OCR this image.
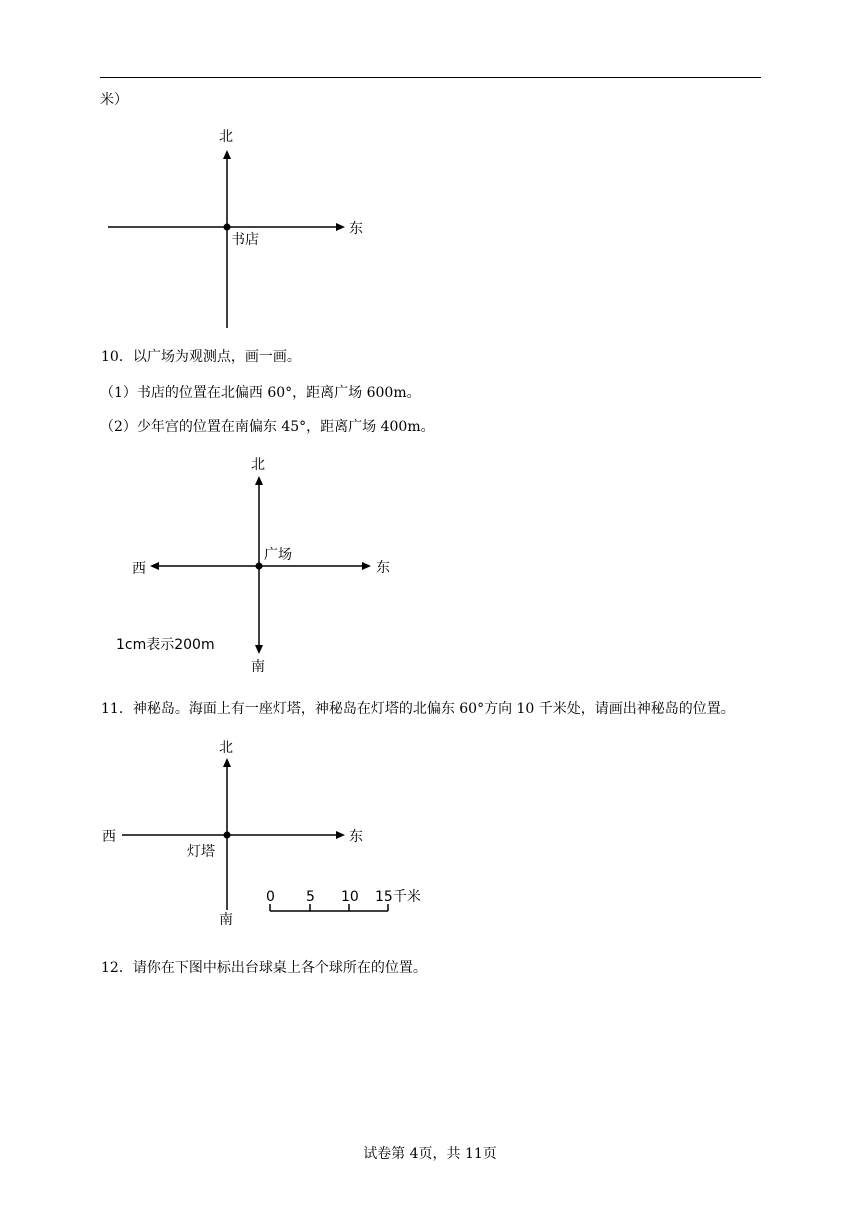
米）
北
东
书店
10．以广场为观测点，画一画。
（1）书店的位置在北偏西 60°，距离广场 600m。
（2）少年宫的位置在南偏东 45°，距离广场 400m。
北
南
东
西
广场
1cm表示200m
11．神秘岛。海面上有一座灯塔，神秘岛在灯塔的北偏东 60°方向 10 千米处，请画出神秘岛的位置。
北
南
东
西
灯塔
0 5 10 15千米
12．请你在下图中标出台球桌上各个球所在的位置。
试卷第 4页，共 11页
